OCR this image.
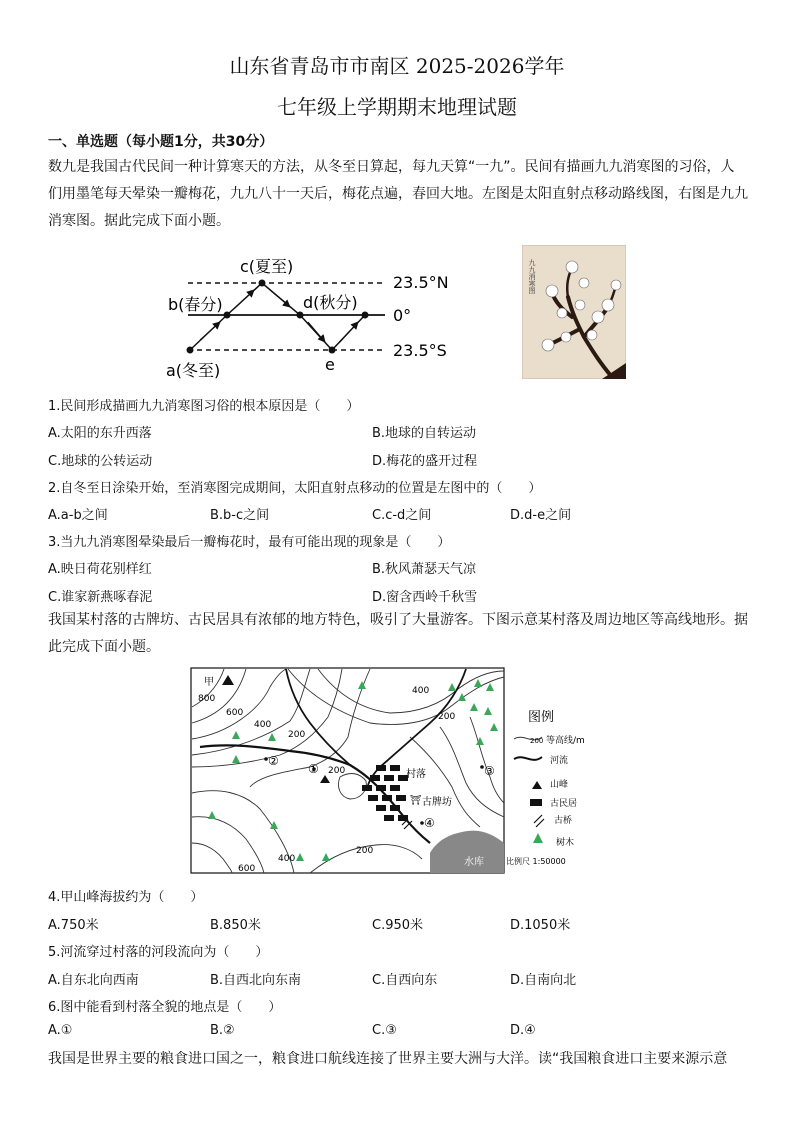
山东省青岛市市南区 2025-2026学年
七年级上学期期末地理试题
一、单选题（每小题1分，共30分）
数九是我国古代民间一种计算寒天的方法，从冬至日算起，每九天算“一九”。民间有描画九九消寒图的习俗，人们用墨笔每天晕染一瓣梅花，九九八十一天后，梅花点遍，春回大地。左图是太阳直射点移动路线图，右图是九九消寒图。据此完成下面小题。
c(夏至)
b(春分)	d(秋分)
a(冬至)	e
23.5°N
0°
23.5°S
九九消寒图
1.民间形成描画九九消寒图习俗的根本原因是（　　）
A.太阳的东升西落	B.地球的自转运动
C.地球的公转运动	D.梅花的盛开过程
2.自冬至日涂染开始，至消寒图完成期间，太阳直射点移动的位置是左图中的（　　）
A.a-b之间	B.b-c之间	C.c-d之间	D.d-e之间
3.当九九消寒图晕染最后一瓣梅花时，最有可能出现的现象是（　　）
A.映日荷花别样红	B.秋风萧瑟天气凉
C.谁家新燕啄春泥	D.窗含西岭千秋雪
我国某村落的古牌坊、古民居具有浓郁的地方特色，吸引了大量游客。下图示意某村落及周边地区等高线地形。据此完成下面小题。
甲
800
600
400
200
400
200
200
200
400
600
村落
⛩ 古牌坊
水库
①
②
③
④
图例
200 等高线/m
河流
山峰
古民居
古桥
树木
比例尺 1:50000
4.甲山峰海拔约为（　　）
A.750米	B.850米	C.950米	D.1050米
5.河流穿过村落的河段流向为（　　）
A.自东北向西南	B.自西北向东南	C.自西向东	D.自南向北
6.图中能看到村落全貌的地点是（　　）
A.①	B.②	C.③	D.④
我国是世界主要的粮食进口国之一，粮食进口航线连接了世界主要大洲与大洋。读“我国粮食进口主要来源示意
